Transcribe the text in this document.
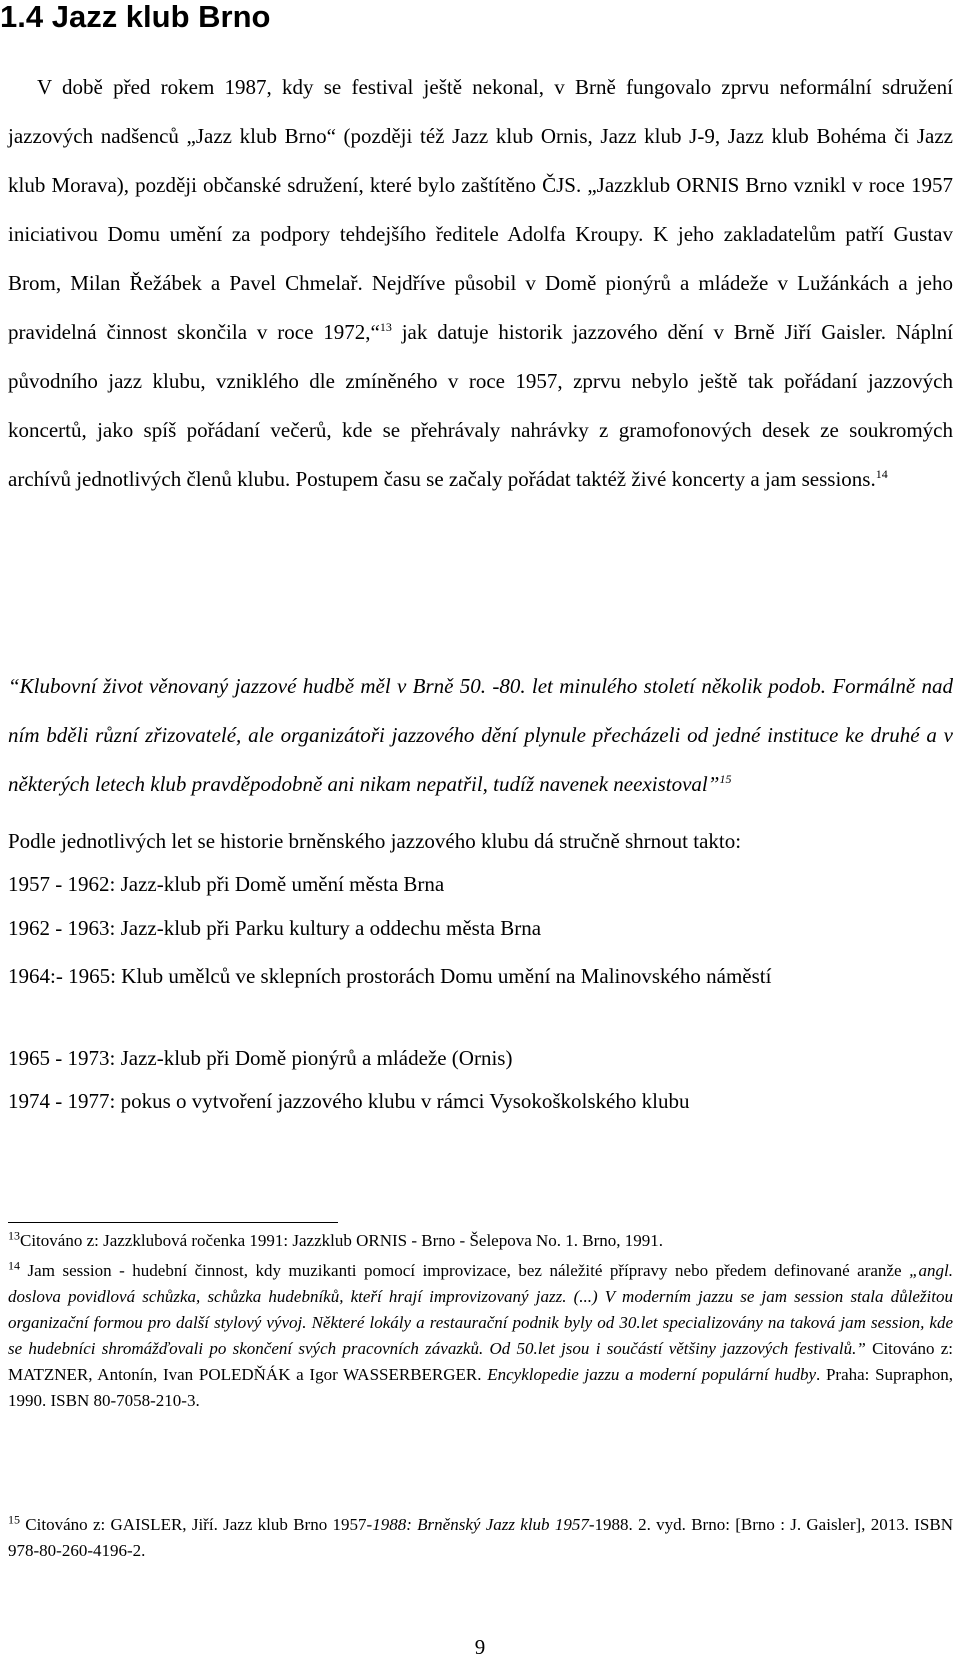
1.4 Jazz klub Brno

V době před rokem 1987, kdy se festival ještě nekonal, v Brně fungovalo zprvu neformální sdružení jazzových nadšenců „Jazz klub Brno“ (později též Jazz klub Ornis, Jazz klub J-9, Jazz klub Bohéma či Jazz klub Morava), později občanské sdružení, které bylo zaštítěno ČJS. „Jazzklub ORNIS Brno vznikl v roce 1957 iniciativou Domu umění za podpory tehdejšího ředitele Adolfa Kroupy. K jeho zakladatelům patří Gustav Brom, Milan Řežábek a Pavel Chmelař. Nejdříve působil v Domě pionýrů a mládeže v Lužánkách a jeho pravidelná činnost skončila v roce 1972,“$^{13}$ jak datuje historik jazzového dění v Brně Jiří Gaisler. Náplní původního jazz klubu, vzniklého dle zmíněného v roce 1957, zprvu nebylo ještě tak pořádaní jazzových koncertů, jako spíš pořádaní večerů, kde se přehrávaly nahrávky z gramofonových desek ze soukromých archívů jednotlivých členů klubu. Postupem času se začaly pořádat taktéž živé koncerty a jam sessions.$^{14}$

“Klubovní život věnovaný jazzové hudbě měl v Brně 50. -80. let minulého století několik podob. Formálně nad ním bděli různí zřizovatelé, ale organizátoři jazzového dění plynule přecházeli od jedné instituce ke druhé a v některých letech klub pravděpodobně ani nikam nepatřil, tudíž navenek neexistoval”$^{15}$

Podle jednotlivých let se historie brněnského jazzového klubu dá stručně shrnout takto:

1957 - 1962: Jazz-klub při Domě umění města Brna

1962 - 1963: Jazz-klub při Parku kultury a oddechu města Brna

1964:- 1965: Klub umělců ve sklepních prostorách Domu umění na Malinovského náměstí

1965 - 1973: Jazz-klub při Domě pionýrů a mládeže (Ornis)

1974 - 1977: pokus o vytvoření jazzového klubu v rámci Vysokoškolského klubu

$^{13}$Citováno z: Jazzklubová ročenka 1991: Jazzklub ORNIS - Brno - Šelepova No. 1. Brno, 1991.

$^{14}$ Jam session - hudební činnost, kdy muzikanti pomocí improvizace, bez náležité přípravy nebo předem definované aranže „angl. doslova povidlová schůzka, schůzka hudebníků, kteří hrají improvizovaný jazz. (...) V moderním jazzu se jam session stala důležitou organizační formou pro další stylový vývoj. Některé lokály a restaurační podnik byly od 30.let specializovány na taková jam session, kde se hudebníci shromážďovali po skončení svých pracovních závazků. Od 50.let jsou i součástí většiny jazzových festivalů.” Citováno z: MATZNER, Antonín, Ivan POLEDŇÁK a Igor WASSERBERGER. Encyklopedie jazzu a moderní populární hudby. Praha: Supraphon, 1990. ISBN 80-7058-210-3.

$^{15}$ Citováno z: GAISLER, Jiří. Jazz klub Brno 1957-1988: Brněnský Jazz klub 1957-1988. 2. vyd. Brno: [Brno : J. Gaisler], 2013. ISBN 978-80-260-4196-2.

9
